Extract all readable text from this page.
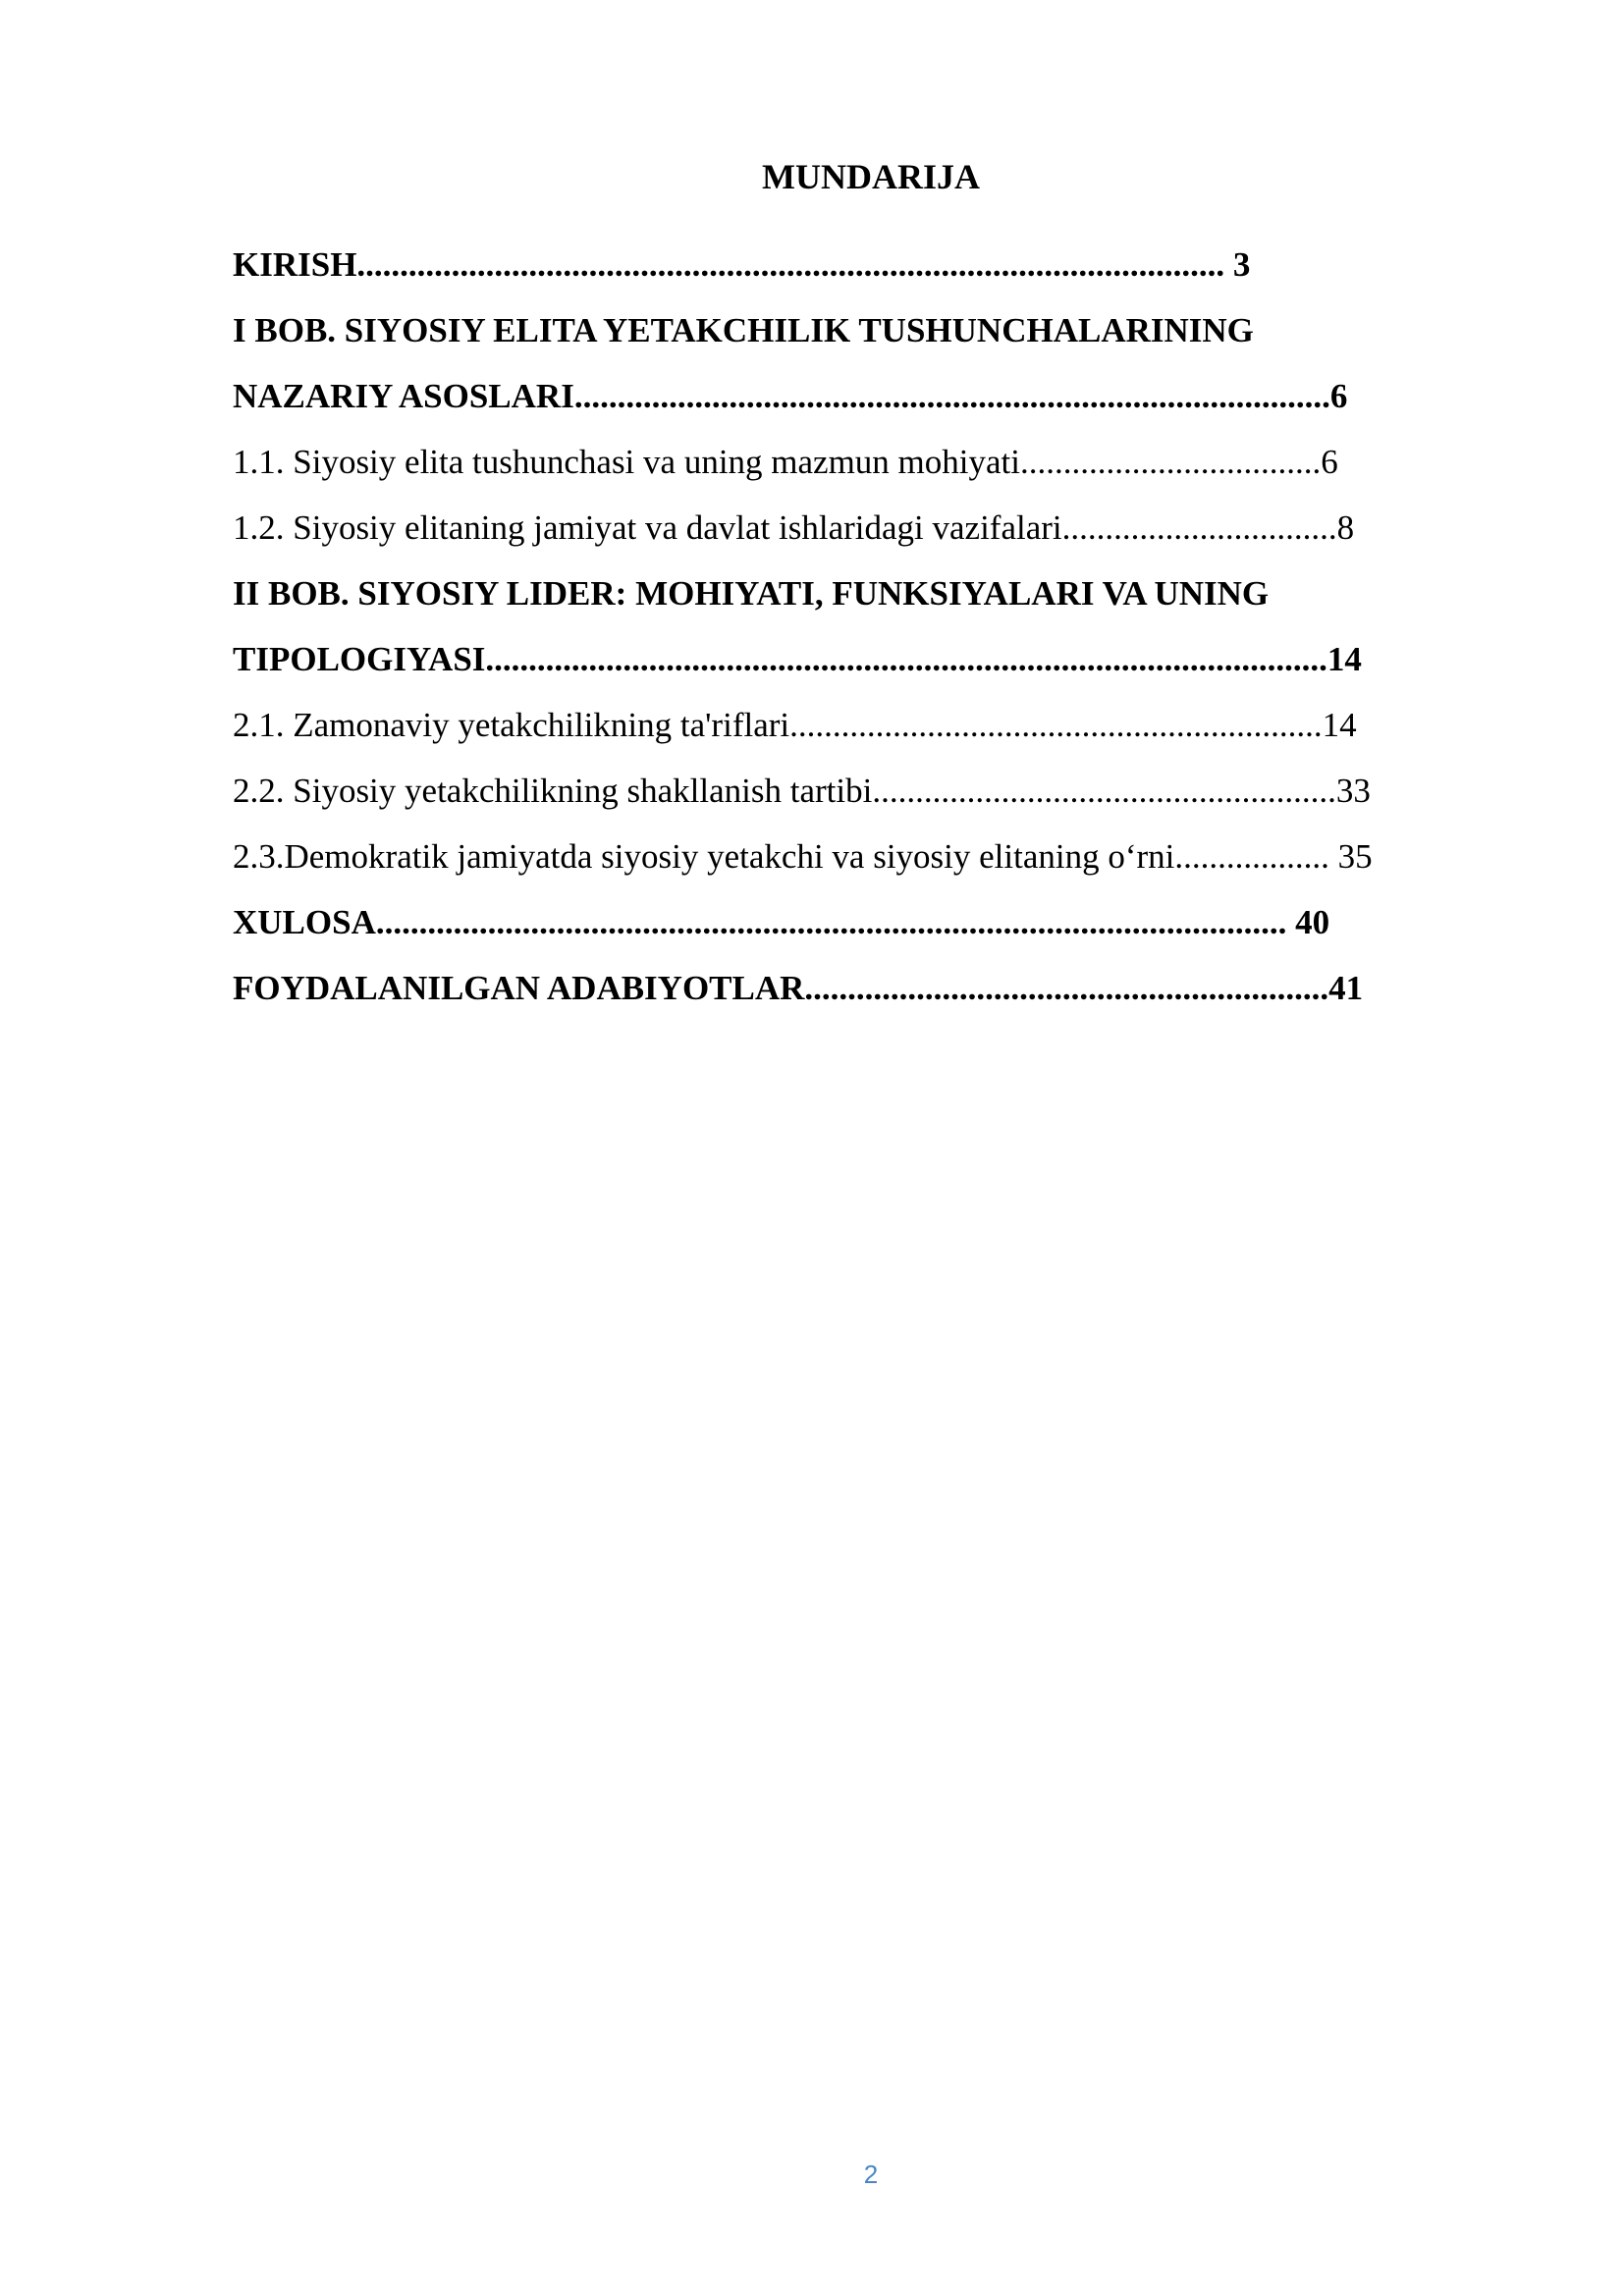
MUNDARIJA
KIRISH..................................................................................................... 3
I BOB. SIYOSIY ELITA YETAKCHILIK TUSHUNCHALARINING
NAZARIY ASOSLARI........................................................................................6
1.1. Siyosiy elita tushunchasi va uning mazmun mohiyati...................................6
1.2. Siyosiy elitaning jamiyat va davlat ishlaridagi vazifalari................................8
II BOB. SIYOSIY LIDER: MOHIYATI, FUNKSIYALARI VA UNING
TIPOLOGIYASI..................................................................................................14
2.1. Zamonaviy yetakchilikning ta'riflari..............................................................14
2.2. Siyosiy yetakchilikning shakllanish tartibi......................................................33
2.3.Demokratik jamiyatda siyosiy yetakchi va siyosiy elitaning o‘rni.................. 35
XULOSA.......................................................................................................... 40
FOYDALANILGAN ADABIYOTLAR.............................................................41
2
